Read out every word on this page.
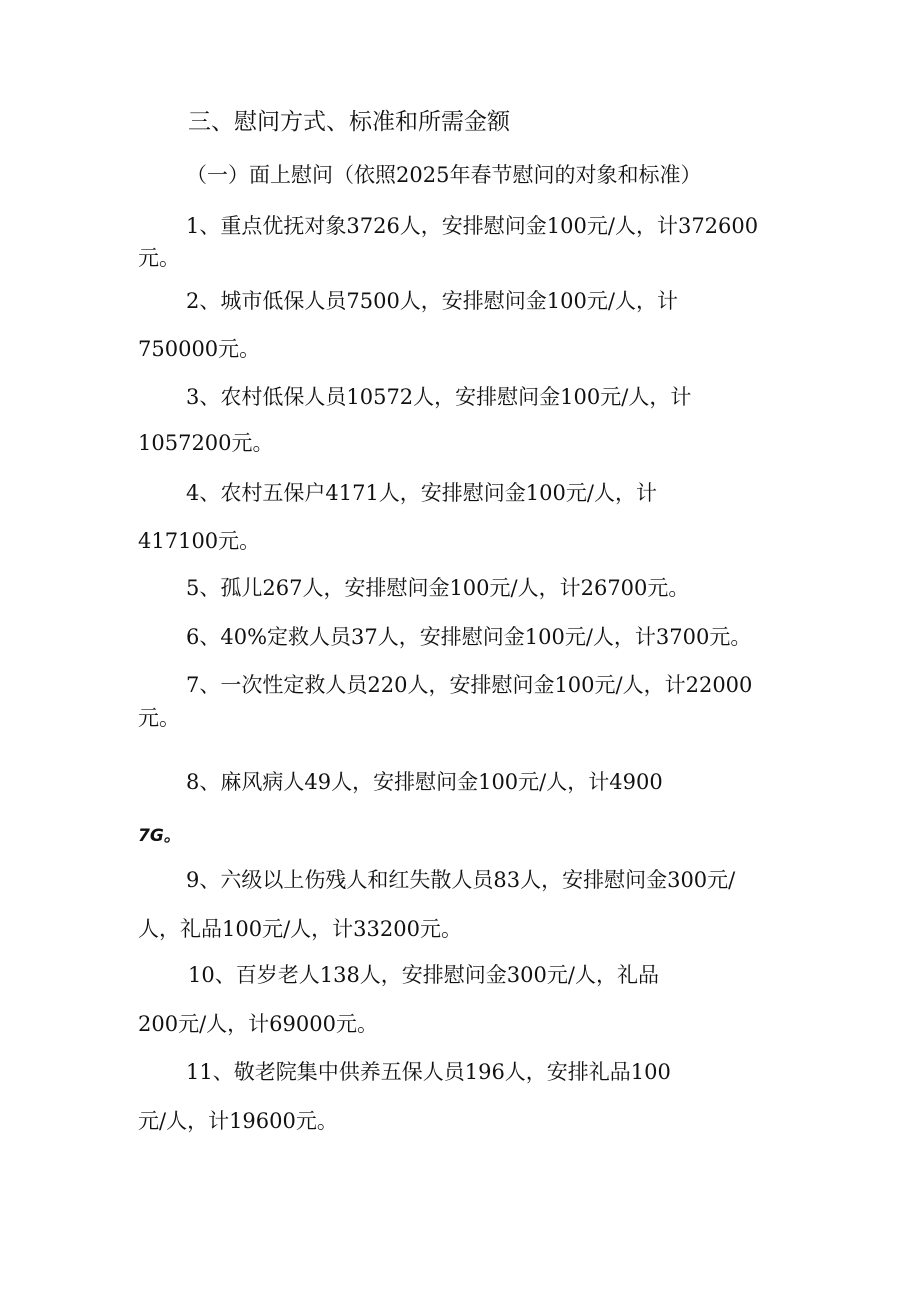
三、慰问方式、标准和所需金额
（一）面上慰问（依照2025年春节慰问的对象和标准）
1、重点优抚对象3726人，安排慰问金100元/人，计372600
元。
2、城市低保人员7500人，安排慰问金100元/人，计
750000元。
3、农村低保人员10572人，安排慰问金100元/人，计
1057200元。
4、农村五保户4171人，安排慰问金100元/人，计
417100元。
5、孤儿267人，安排慰问金100元/人，计26700元。
6、40%定救人员37人，安排慰问金100元/人，计3700元。
7、一次性定救人员220人，安排慰问金100元/人，计22000
元。
8、麻风病人49人，安排慰问金100元/人，计4900
7G。
9、六级以上伤残人和红失散人员83人，安排慰问金300元/
人，礼品100元/人，计33200元。
10、百岁老人138人，安排慰问金300元/人，礼品
200元/人，计69000元。
11、敬老院集中供养五保人员196人，安排礼品100
元/人，计19600元。
